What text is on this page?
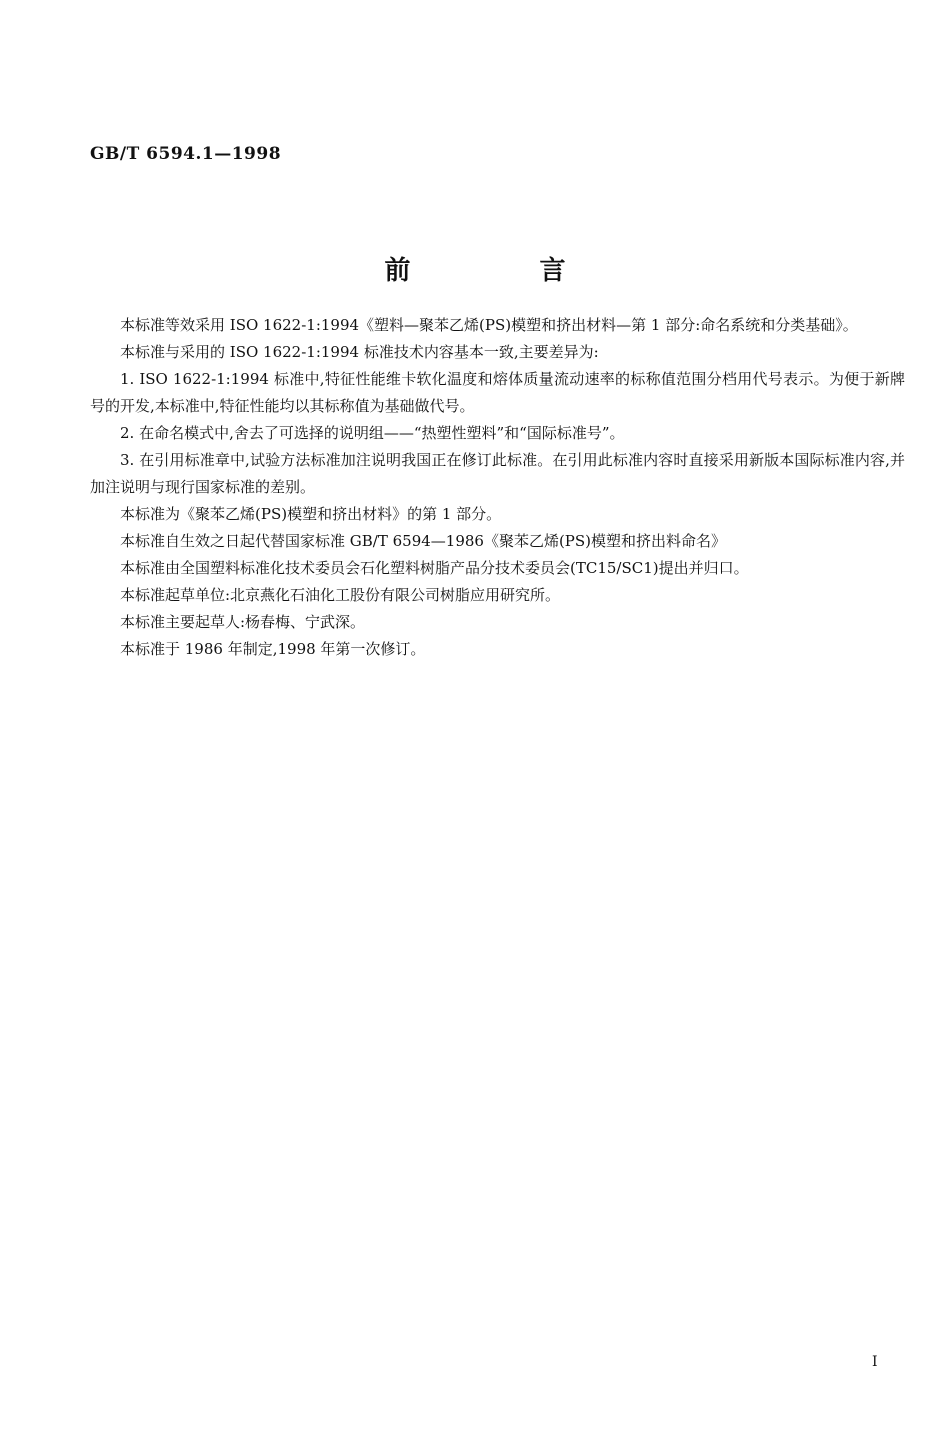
GB/T 6594.1—1998
前 言

本标准等效采用 ISO 1622-1:1994《塑料—聚苯乙烯(PS)模塑和挤出材料—第 1 部分:命名系统和分类基础》。

本标准与采用的 ISO 1622-1:1994 标准技术内容基本一致,主要差异为:

1. ISO 1622-1:1994 标准中,特征性能维卡软化温度和熔体质量流动速率的标称值范围分档用代号表示。为便于新牌号的开发,本标准中,特征性能均以其标称值为基础做代号。

2. 在命名模式中,舍去了可选择的说明组——“热塑性塑料”和“国际标准号”。

3. 在引用标准章中,试验方法标准加注说明我国正在修订此标准。在引用此标准内容时直接采用新版本国际标准内容,并加注说明与现行国家标准的差别。

本标准为《聚苯乙烯(PS)模塑和挤出材料》的第 1 部分。

本标准自生效之日起代替国家标准 GB/T 6594—1986《聚苯乙烯(PS)模塑和挤出料命名》

本标准由全国塑料标准化技术委员会石化塑料树脂产品分技术委员会(TC15/SC1)提出并归口。

本标准起草单位:北京燕化石油化工股份有限公司树脂应用研究所。

本标准主要起草人:杨春梅、宁武深。

本标准于 1986 年制定,1998 年第一次修订。

I
